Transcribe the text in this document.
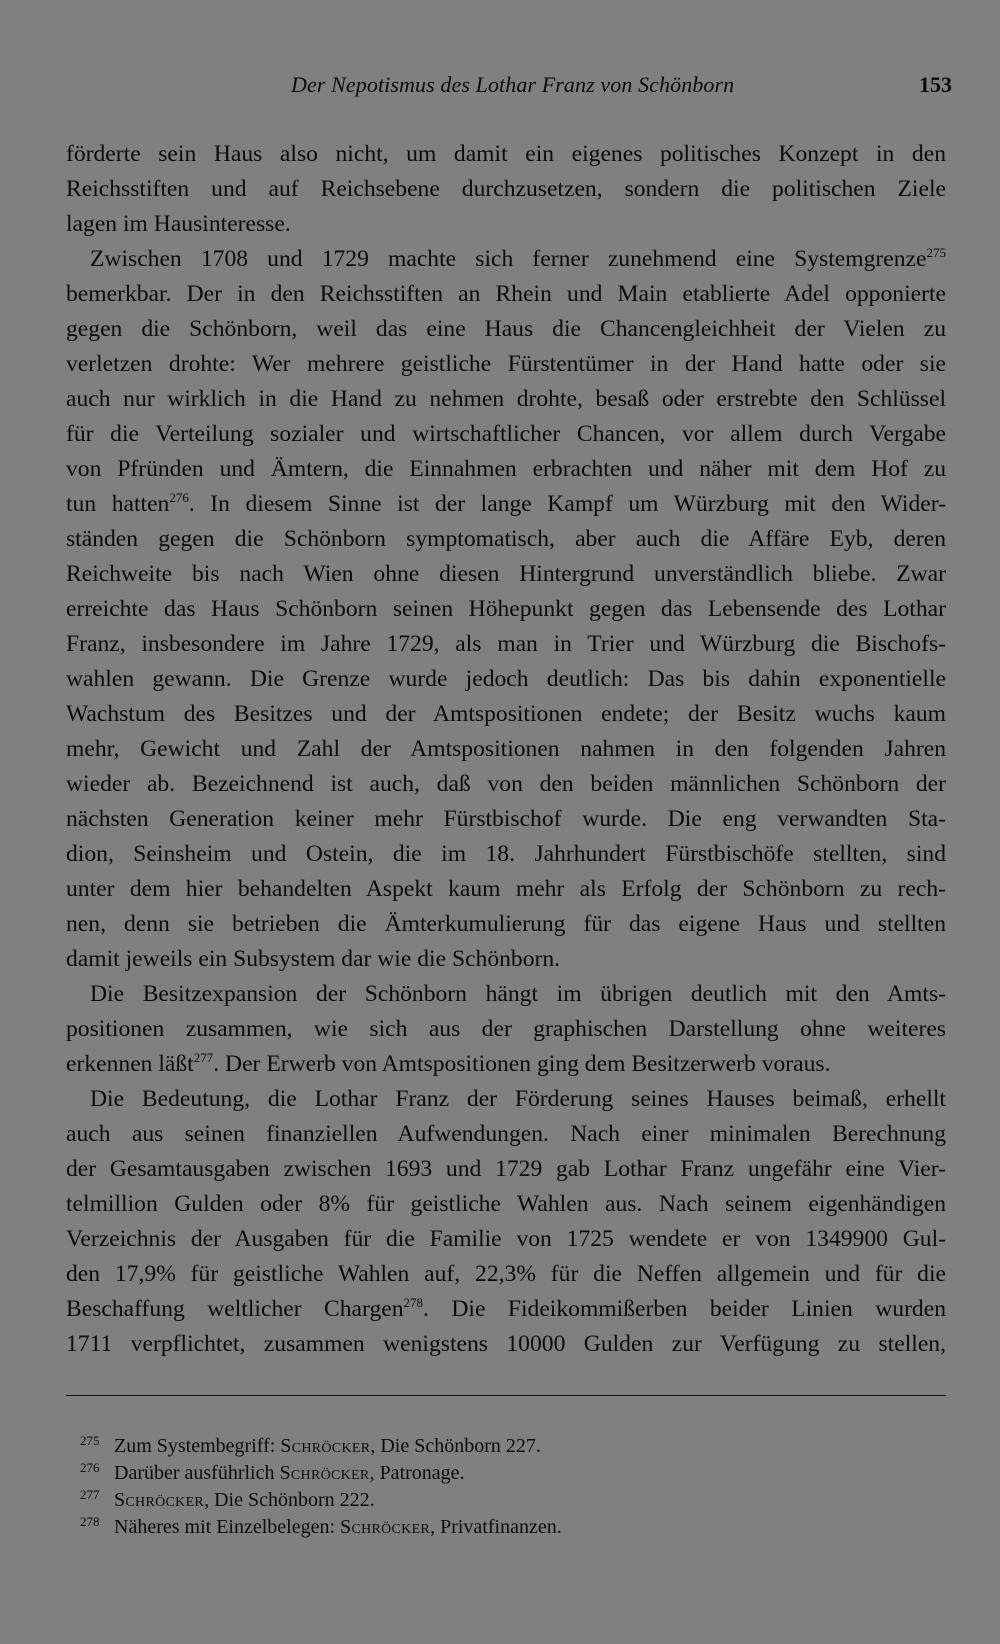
Der Nepotismus des Lothar Franz von Schönborn	153
förderte sein Haus also nicht, um damit ein eigenes politisches Konzept in den
Reichsstiften und auf Reichsebene durchzusetzen, sondern die politischen Ziele
lagen im Hausinteresse.
Zwischen 1708 und 1729 machte sich ferner zunehmend eine Systemgrenze$^{275}$
bemerkbar. Der in den Reichsstiften an Rhein und Main etablierte Adel opponierte
gegen die Schönborn, weil das eine Haus die Chancengleichheit der Vielen zu
verletzen drohte: Wer mehrere geistliche Fürstentümer in der Hand hatte oder sie
auch nur wirklich in die Hand zu nehmen drohte, besaß oder erstrebte den Schlüssel
für die Verteilung sozialer und wirtschaftlicher Chancen, vor allem durch Vergabe
von Pfründen und Ämtern, die Einnahmen erbrachten und näher mit dem Hof zu
tun hatten$^{276}$. In diesem Sinne ist der lange Kampf um Würzburg mit den Wider-
ständen gegen die Schönborn symptomatisch, aber auch die Affäre Eyb, deren
Reichweite bis nach Wien ohne diesen Hintergrund unverständlich bliebe. Zwar
erreichte das Haus Schönborn seinen Höhepunkt gegen das Lebensende des Lothar
Franz, insbesondere im Jahre 1729, als man in Trier und Würzburg die Bischofs-
wahlen gewann. Die Grenze wurde jedoch deutlich: Das bis dahin exponentielle
Wachstum des Besitzes und der Amtspositionen endete; der Besitz wuchs kaum
mehr, Gewicht und Zahl der Amtspositionen nahmen in den folgenden Jahren
wieder ab. Bezeichnend ist auch, daß von den beiden männlichen Schönborn der
nächsten Generation keiner mehr Fürstbischof wurde. Die eng verwandten Sta-
dion, Seinsheim und Ostein, die im 18. Jahrhundert Fürstbischöfe stellten, sind
unter dem hier behandelten Aspekt kaum mehr als Erfolg der Schönborn zu rech-
nen, denn sie betrieben die Ämterkumulierung für das eigene Haus und stellten
damit jeweils ein Subsystem dar wie die Schönborn.
Die Besitzexpansion der Schönborn hängt im übrigen deutlich mit den Amts-
positionen zusammen, wie sich aus der graphischen Darstellung ohne weiteres
erkennen läßt$^{277}$. Der Erwerb von Amtspositionen ging dem Besitzerwerb voraus.
Die Bedeutung, die Lothar Franz der Förderung seines Hauses beimaß, erhellt
auch aus seinen finanziellen Aufwendungen. Nach einer minimalen Berechnung
der Gesamtausgaben zwischen 1693 und 1729 gab Lothar Franz ungefähr eine Vier-
telmillion Gulden oder 8% für geistliche Wahlen aus. Nach seinem eigenhändigen
Verzeichnis der Ausgaben für die Familie von 1725 wendete er von 1349900 Gul-
den 17,9% für geistliche Wahlen auf, 22,3% für die Neffen allgemein und für die
Beschaffung weltlicher Chargen$^{278}$. Die Fideikommißerben beider Linien wurden
1711 verpflichtet, zusammen wenigstens 10000 Gulden zur Verfügung zu stellen,
275 Zum Systembegriff: Schröcker, Die Schönborn 227.
276 Darüber ausführlich Schröcker, Patronage.
277 Schröcker, Die Schönborn 222.
278 Näheres mit Einzelbelegen: Schröcker, Privatfinanzen.
